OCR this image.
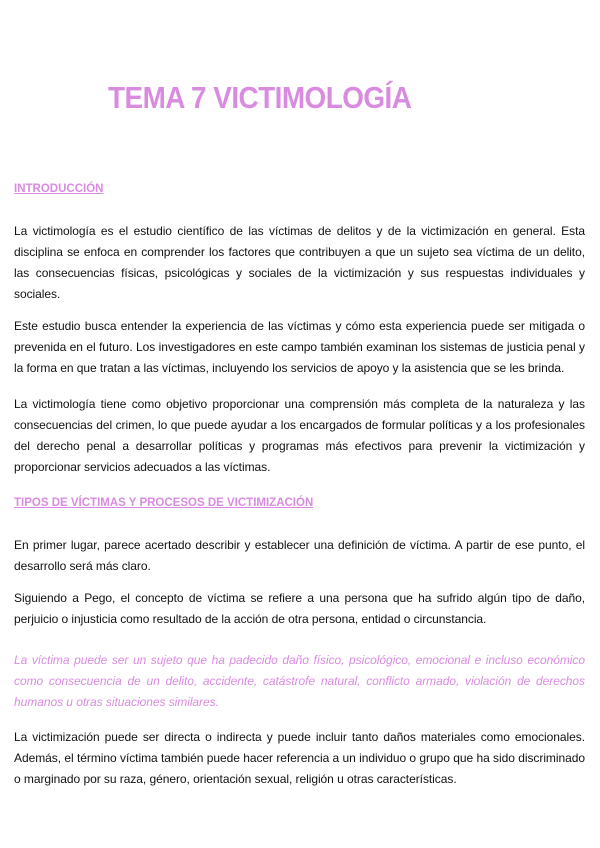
TEMA 7 VICTIMOLOGÍA
INTRODUCCIÓN

La victimología es el estudio científico de las víctimas de delitos y de la victimización en general. Esta disciplina se enfoca en comprender los factores que contribuyen a que un sujeto sea víctima de un delito, las consecuencias físicas, psicológicas y sociales de la victimización y sus respuestas individuales y sociales.

Este estudio busca entender la experiencia de las víctimas y cómo esta experiencia puede ser mitigada o prevenida en el futuro. Los investigadores en este campo también examinan los sistemas de justicia penal y la forma en que tratan a las víctimas, incluyendo los servicios de apoyo y la asistencia que se les brinda.

La victimología tiene como objetivo proporcionar una comprensión más completa de la naturaleza y las consecuencias del crimen, lo que puede ayudar a los encargados de formular políticas y a los profesionales del derecho penal a desarrollar políticas y programas más efectivos para prevenir la victimización y proporcionar servicios adecuados a las víctimas.

TIPOS DE VÍCTIMAS Y PROCESOS DE VICTIMIZACIÓN

En primer lugar, parece acertado describir y establecer una definición de víctima. A partir de ese punto, el desarrollo será más claro.

Siguiendo a Pego, el concepto de víctima se refiere a una persona que ha sufrido algún tipo de daño, perjuicio o injusticia como resultado de la acción de otra persona, entidad o circunstancia.

La víctima puede ser un sujeto que ha padecido daño físico, psicológico, emocional e incluso económico como consecuencia de un delito, accidente, catástrofe natural, conflicto armado, violación de derechos humanos u otras situaciones similares.

La victimización puede ser directa o indirecta y puede incluir tanto daños materiales como emocionales. Además, el término víctima también puede hacer referencia a un individuo o grupo que ha sido discriminado o marginado por su raza, género, orientación sexual, religión u otras características.
